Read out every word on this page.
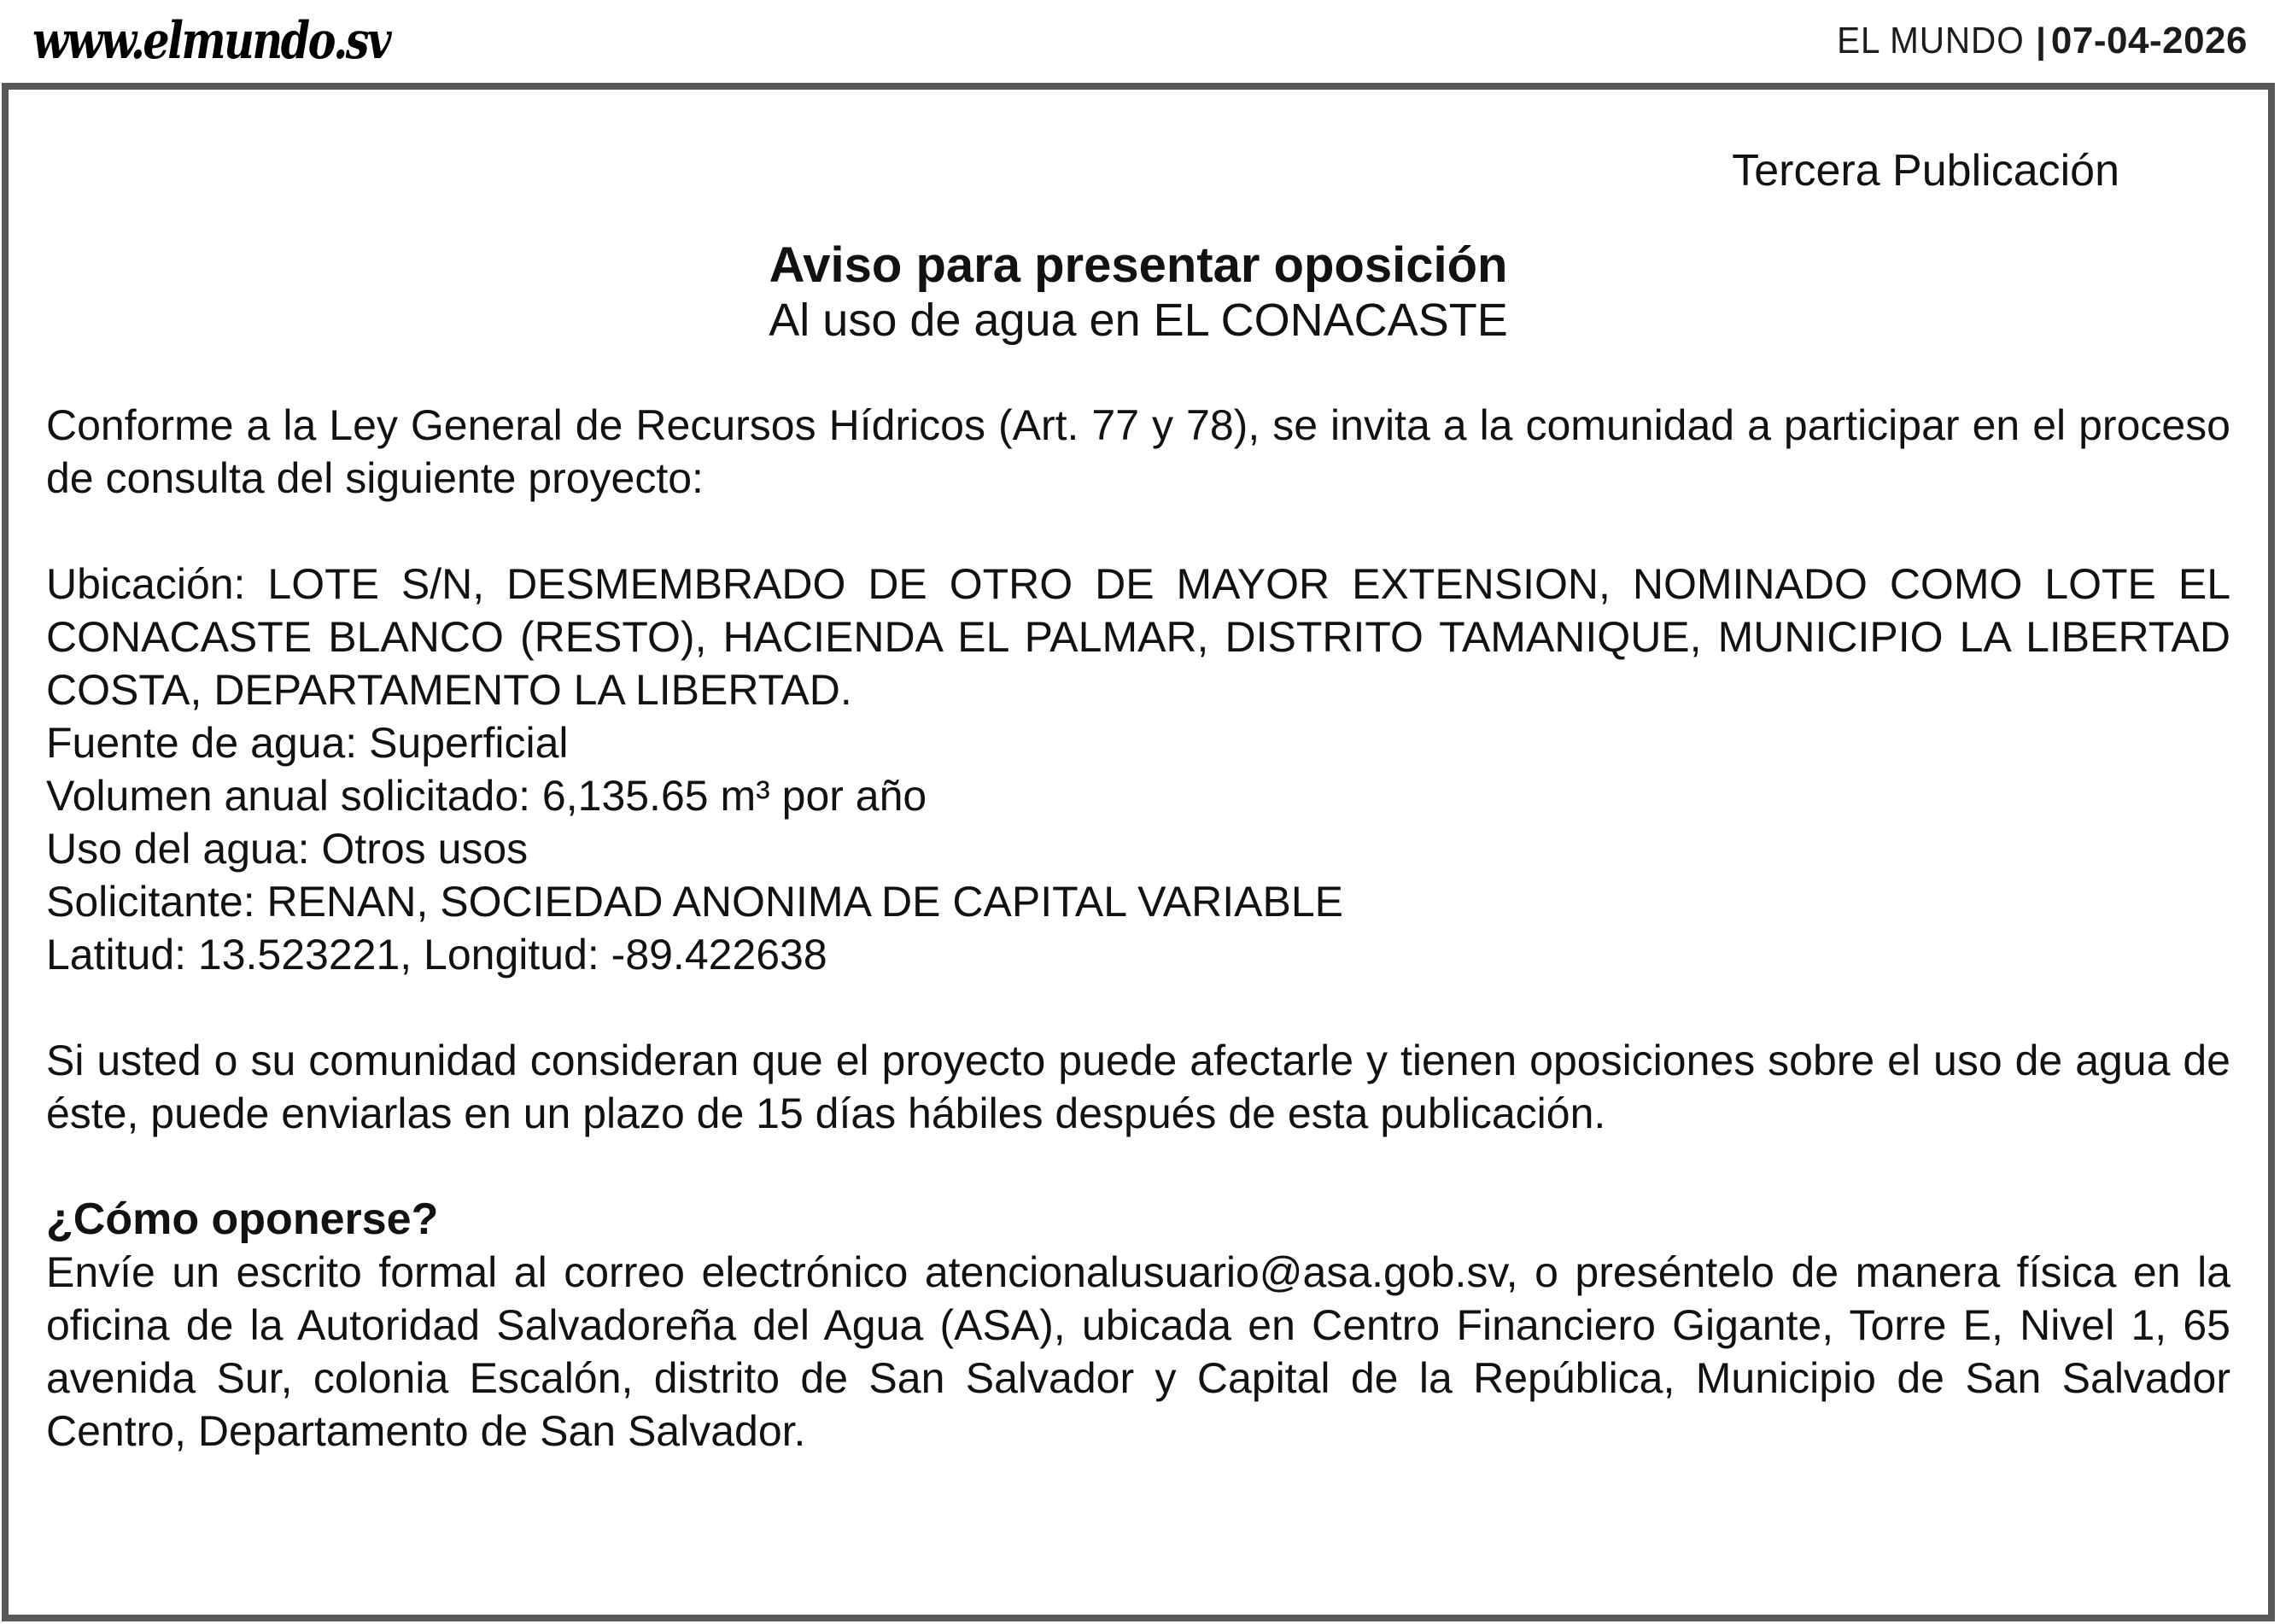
www.elmundo.sv	EL MUNDO | 07-04-2026
Tercera Publicación
Aviso para presentar oposición
Al uso de agua en EL CONACASTE
Conforme a la Ley General de Recursos Hídricos (Art. 77 y 78), se invita a la comunidad a participar en el proceso de consulta del siguiente proyecto:
Ubicación: LOTE S/N, DESMEMBRADO DE OTRO DE MAYOR EXTENSION, NOMINADO COMO LOTE EL CONACASTE BLANCO (RESTO), HACIENDA EL PALMAR, DISTRITO TAMANIQUE, MUNICIPIO LA LIBERTAD COSTA, DEPARTAMENTO LA LIBERTAD.
Fuente de agua: Superficial
Volumen anual solicitado: 6,135.65 m³ por año
Uso del agua: Otros usos
Solicitante: RENAN, SOCIEDAD ANONIMA DE CAPITAL VARIABLE
Latitud: 13.523221, Longitud: -89.422638
Si usted o su comunidad consideran que el proyecto puede afectarle y tienen oposiciones sobre el uso de agua de éste, puede enviarlas en un plazo de 15 días hábiles después de esta publicación.
¿Cómo oponerse?
Envíe un escrito formal al correo electrónico atencionalusuario@asa.gob.sv, o preséntelo de manera física en la oficina de la Autoridad Salvadoreña del Agua (ASA), ubicada en Centro Financiero Gigante, Torre E, Nivel 1, 65 avenida Sur, colonia Escalón, distrito de San Salvador y Capital de la República, Municipio de San Salvador Centro, Departamento de San Salvador.
